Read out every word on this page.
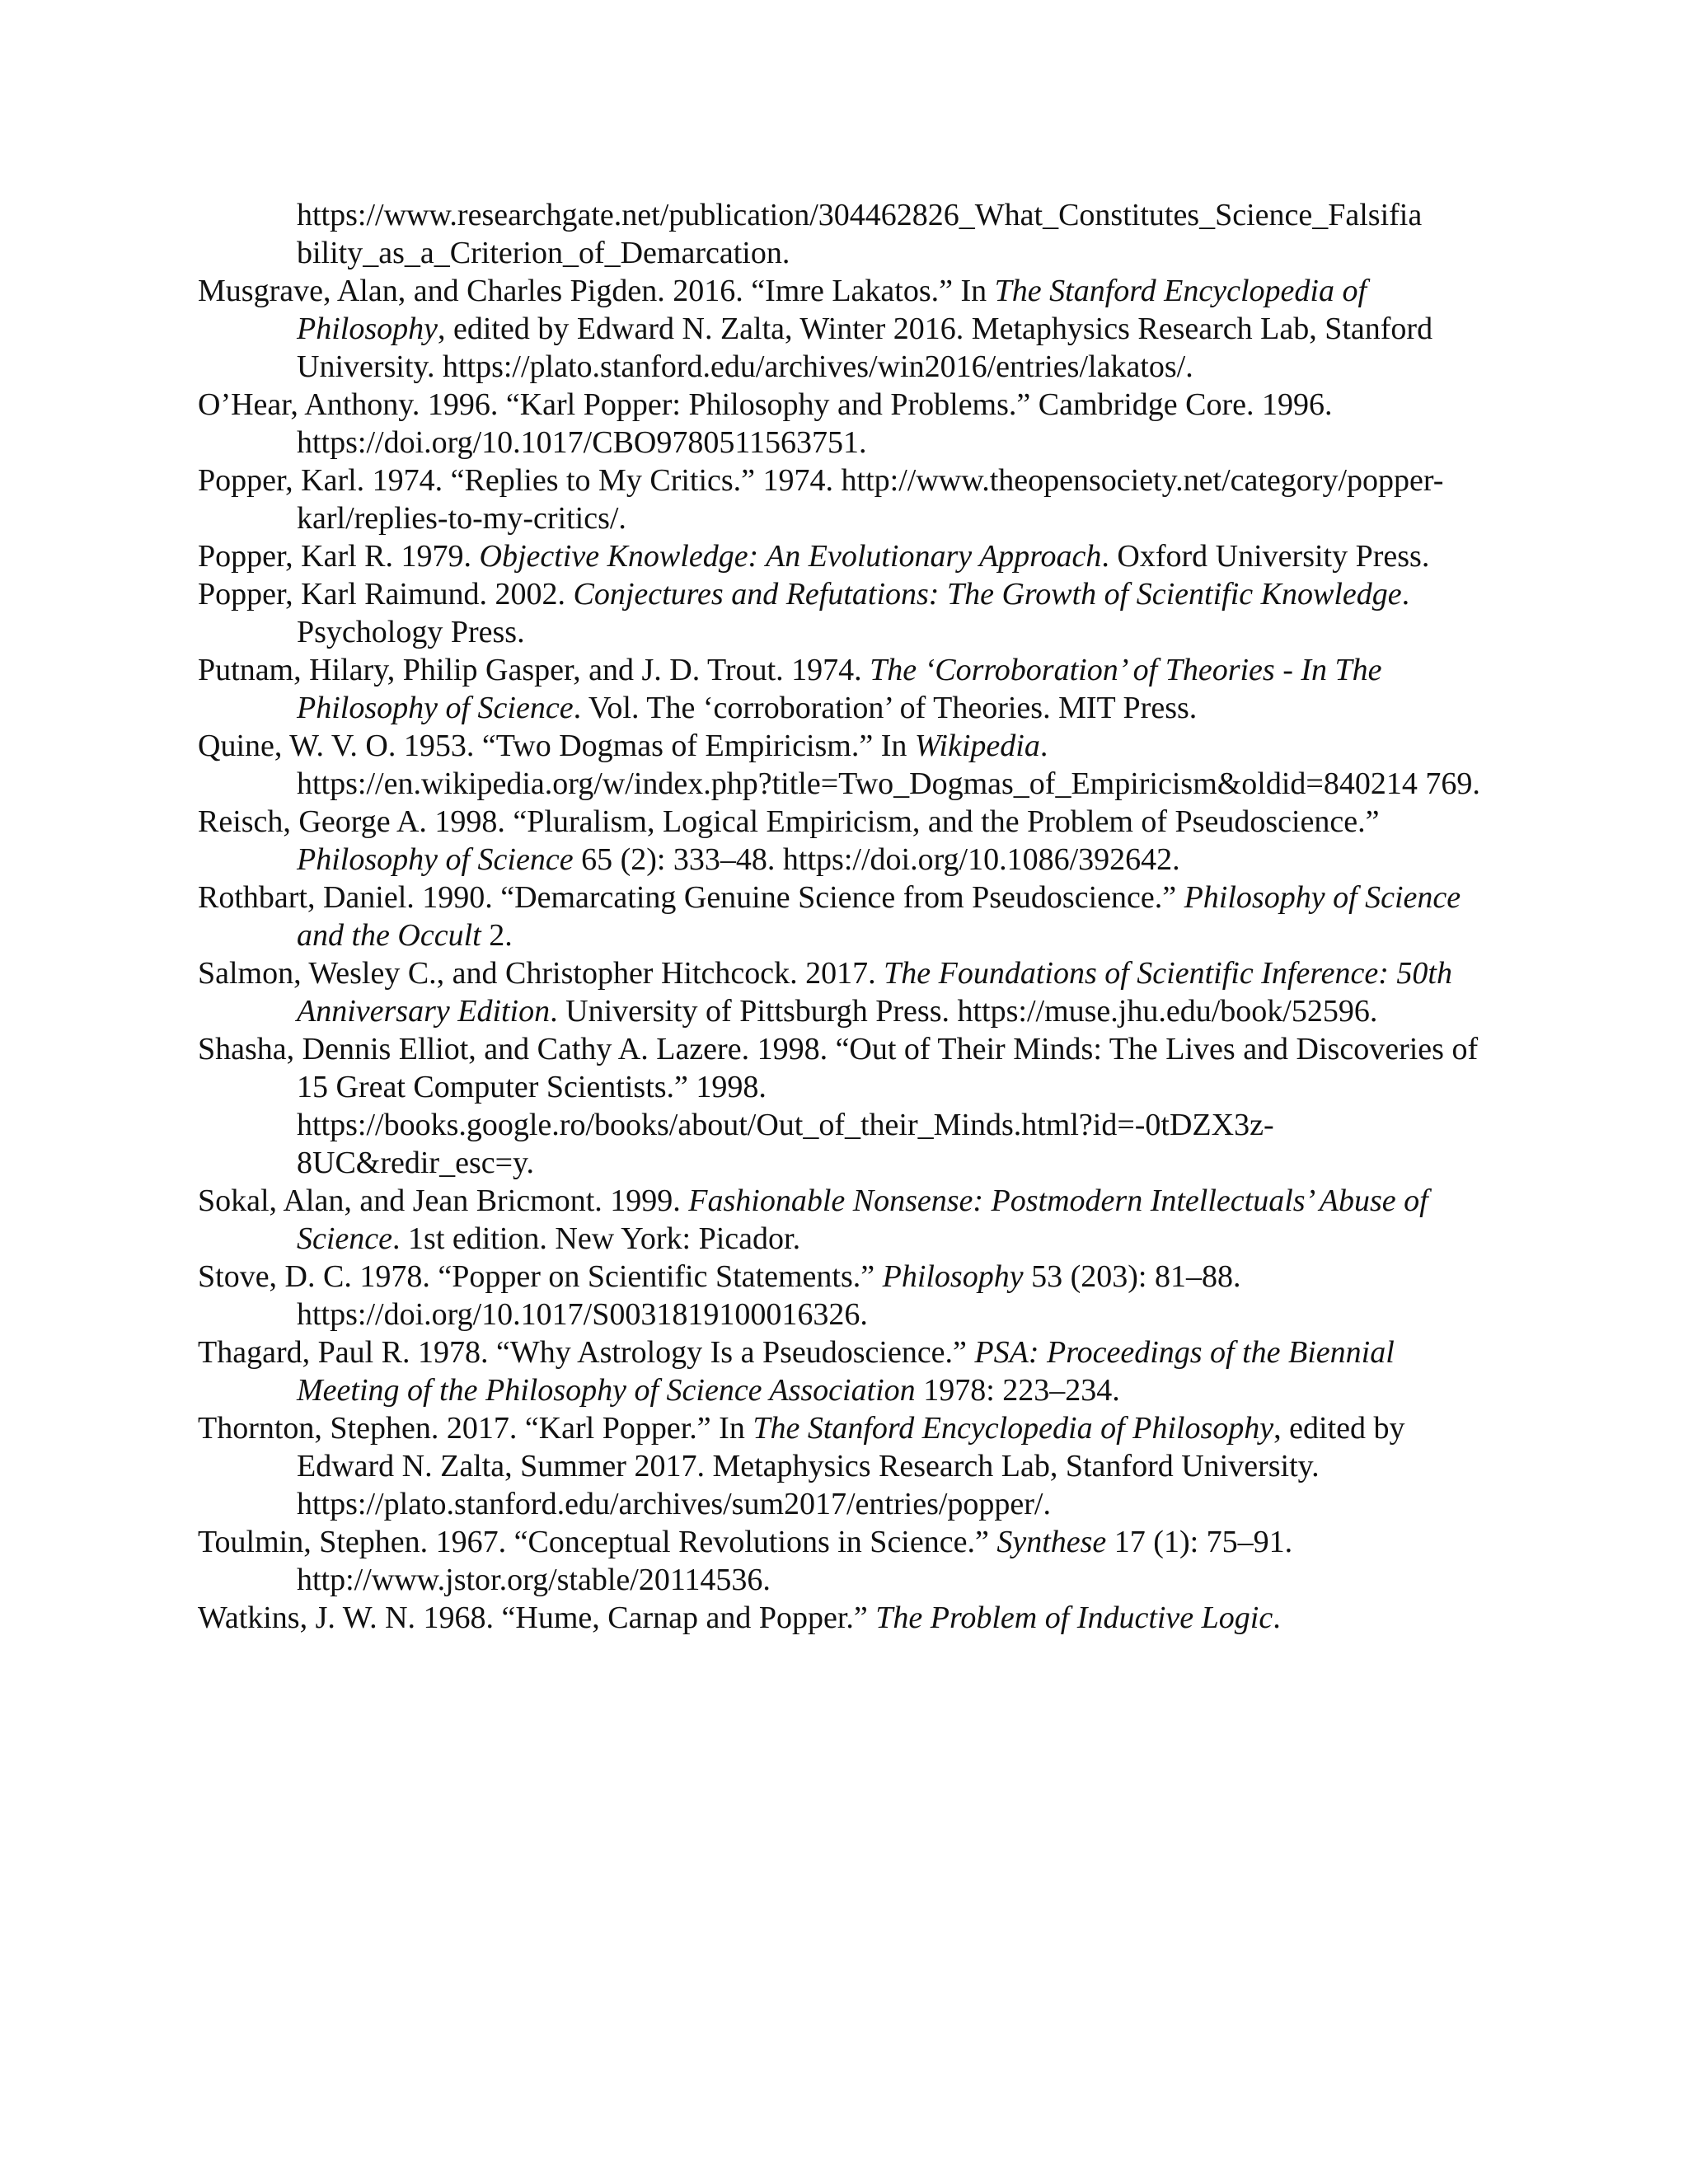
https://www.researchgate.net/publication/304462826_What_Constitutes_Science_Falsifia bility_as_a_Criterion_of_Demarcation.

Musgrave, Alan, and Charles Pigden. 2016. “Imre Lakatos.” In The Stanford Encyclopedia of Philosophy, edited by Edward N. Zalta, Winter 2016. Metaphysics Research Lab, Stanford University. https://plato.stanford.edu/archives/win2016/entries/lakatos/.

O’Hear, Anthony. 1996. “Karl Popper: Philosophy and Problems.” Cambridge Core. 1996. https://doi.org/10.1017/CBO9780511563751.

Popper, Karl. 1974. “Replies to My Critics.” 1974. http://www.theopensociety.net/category/popper-karl/replies-to-my-critics/.

Popper, Karl R. 1979. Objective Knowledge: An Evolutionary Approach. Oxford University Press.

Popper, Karl Raimund. 2002. Conjectures and Refutations: The Growth of Scientific Knowledge. Psychology Press.

Putnam, Hilary, Philip Gasper, and J. D. Trout. 1974. The ‘Corroboration’ of Theories - In The Philosophy of Science. Vol. The ‘corroboration’ of Theories. MIT Press.

Quine, W. V. O. 1953. “Two Dogmas of Empiricism.” In Wikipedia. https://en.wikipedia.org/w/index.php?title=Two_Dogmas_of_Empiricism&oldid=840214 769.

Reisch, George A. 1998. “Pluralism, Logical Empiricism, and the Problem of Pseudoscience.” Philosophy of Science 65 (2): 333–48. https://doi.org/10.1086/392642.

Rothbart, Daniel. 1990. “Demarcating Genuine Science from Pseudoscience.” Philosophy of Science and the Occult 2.

Salmon, Wesley C., and Christopher Hitchcock. 2017. The Foundations of Scientific Inference: 50th Anniversary Edition. University of Pittsburgh Press. https://muse.jhu.edu/book/52596.

Shasha, Dennis Elliot, and Cathy A. Lazere. 1998. “Out of Their Minds: The Lives and Discoveries of 15 Great Computer Scientists.” 1998. https://books.google.ro/books/about/Out_of_their_Minds.html?id=-0tDZX3z-8UC&redir_esc=y.

Sokal, Alan, and Jean Bricmont. 1999. Fashionable Nonsense: Postmodern Intellectuals’ Abuse of Science. 1st edition. New York: Picador.

Stove, D. C. 1978. “Popper on Scientific Statements.” Philosophy 53 (203): 81–88. https://doi.org/10.1017/S0031819100016326.

Thagard, Paul R. 1978. “Why Astrology Is a Pseudoscience.” PSA: Proceedings of the Biennial Meeting of the Philosophy of Science Association 1978: 223–234.

Thornton, Stephen. 2017. “Karl Popper.” In The Stanford Encyclopedia of Philosophy, edited by Edward N. Zalta, Summer 2017. Metaphysics Research Lab, Stanford University. https://plato.stanford.edu/archives/sum2017/entries/popper/.

Toulmin, Stephen. 1967. “Conceptual Revolutions in Science.” Synthese 17 (1): 75–91. http://www.jstor.org/stable/20114536.

Watkins, J. W. N. 1968. “Hume, Carnap and Popper.” The Problem of Inductive Logic.
